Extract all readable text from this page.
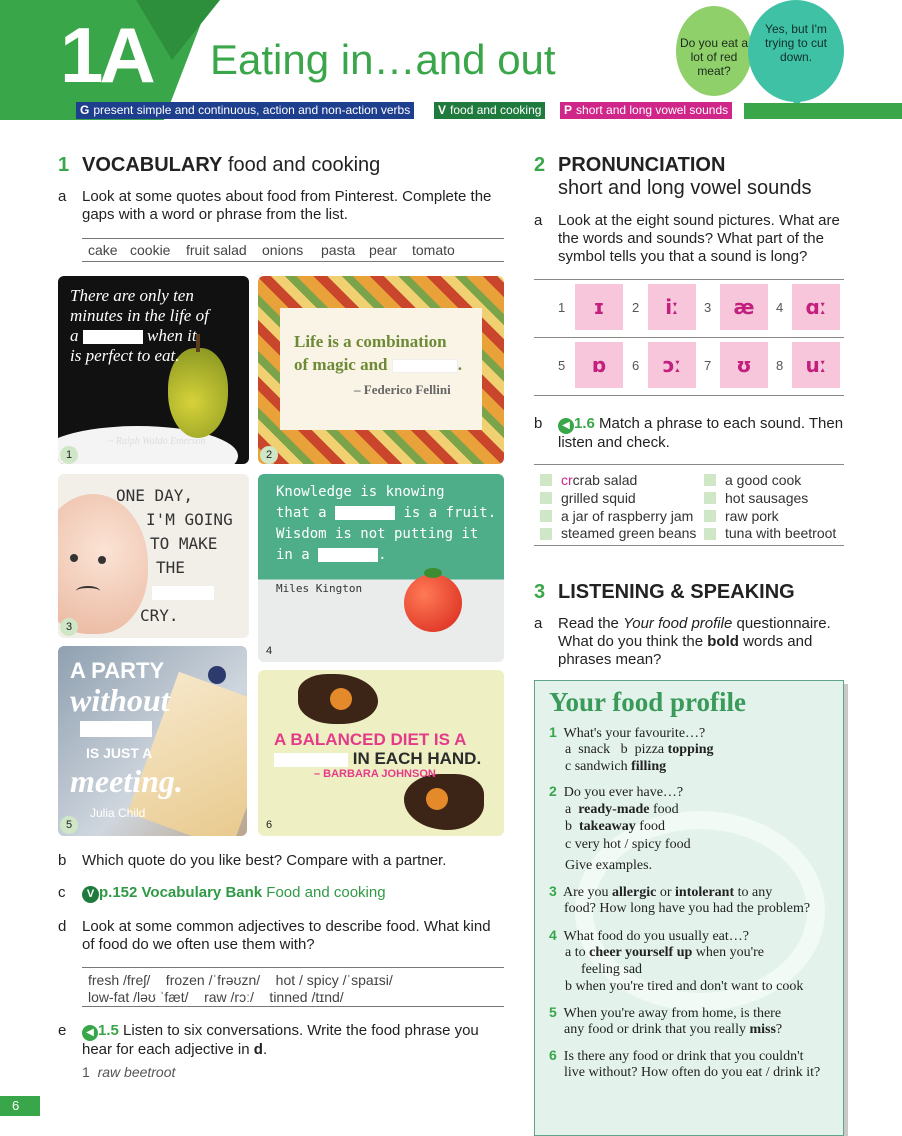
1A Eating in…and out	Do you eat a lot of red meat?
Yes, but I'm trying to cut down.
G present simple and continuous, action and non-action verbs	V food and cooking	P short and long vowel sounds
1 VOCABULARY food and cooking
a Look at some quotes about food from Pinterest. Complete the gaps with a word or phrase from the list.
cake cookie fruit salad onions pasta pear tomato
There are only ten
minutes in the life of
a	when it
is perfect to eat.
~ Ralph Waldo Emerson
1
Life is a combination
of magic and	.
– Federico Fellini
2
ONE DAY,
I'M GOING
TO MAKE
THE
CRY.
3
Knowledge is knowing
that a	is a fruit.
Wisdom is not putting it
in a	.
Miles Kington
4
A PARTY
without
IS JUST A
meeting.
Julia Child
5
A BALANCED DIET IS A
IN EACH HAND.
– BARBARA JOHNSON
6
b Which quote do you like best? Compare with a partner.
c	V p.152 Vocabulary Bank Food and cooking
d Look at some common adjectives to describe food. What kind of food do we often use them with?
fresh /freʃ/    frozen /ˈfrəʊzn/    hot / spicy /ˈspaɪsi/
low-fat /ləʊ ˈfæt/    raw /rɔː/    tinned /tɪnd/
e	◀ 1.5 Listen to six conversations. Write the food phrase you hear for each adjective in d.
1 raw beetroot
2 PRONUNCIATION
short and long vowel sounds
a Look at the eight sound pictures. What are the words and sounds? What part of the symbol tells you that a sound is long?
1	ɪ	2	iː	3	æ	4	ɑː
5	ɒ	6	ɔː	7	ʊ	8	uː
b	◀ 1.6 Match a phrase to each sound. Then listen and check.
crcrab salad
grilled squid
a jar of raspberry jam
steamed green beans
a good cook
hot sausages
raw pork
tuna with beetroot
3 LISTENING & SPEAKING
a Read the Your food profile questionnaire. What do you think the bold words and phrases mean?
Your food profile
1 What's your favourite…?
a  snack   b  pizza topping
c sandwich filling
2 Do you ever have…?
a ready-made food
b takeaway food
c very hot / spicy food
Give examples.
3 Are you allergic or intolerant to any
food? How long have you had the problem?
4 What food do you usually eat…?
a to cheer yourself up when you're
feeling sad
b when you're tired and don't want to cook
5 When you're away from home, is there
any food or drink that you really miss?
6 Is there any food or drink that you couldn't
live without? How often do you eat / drink it?
6
